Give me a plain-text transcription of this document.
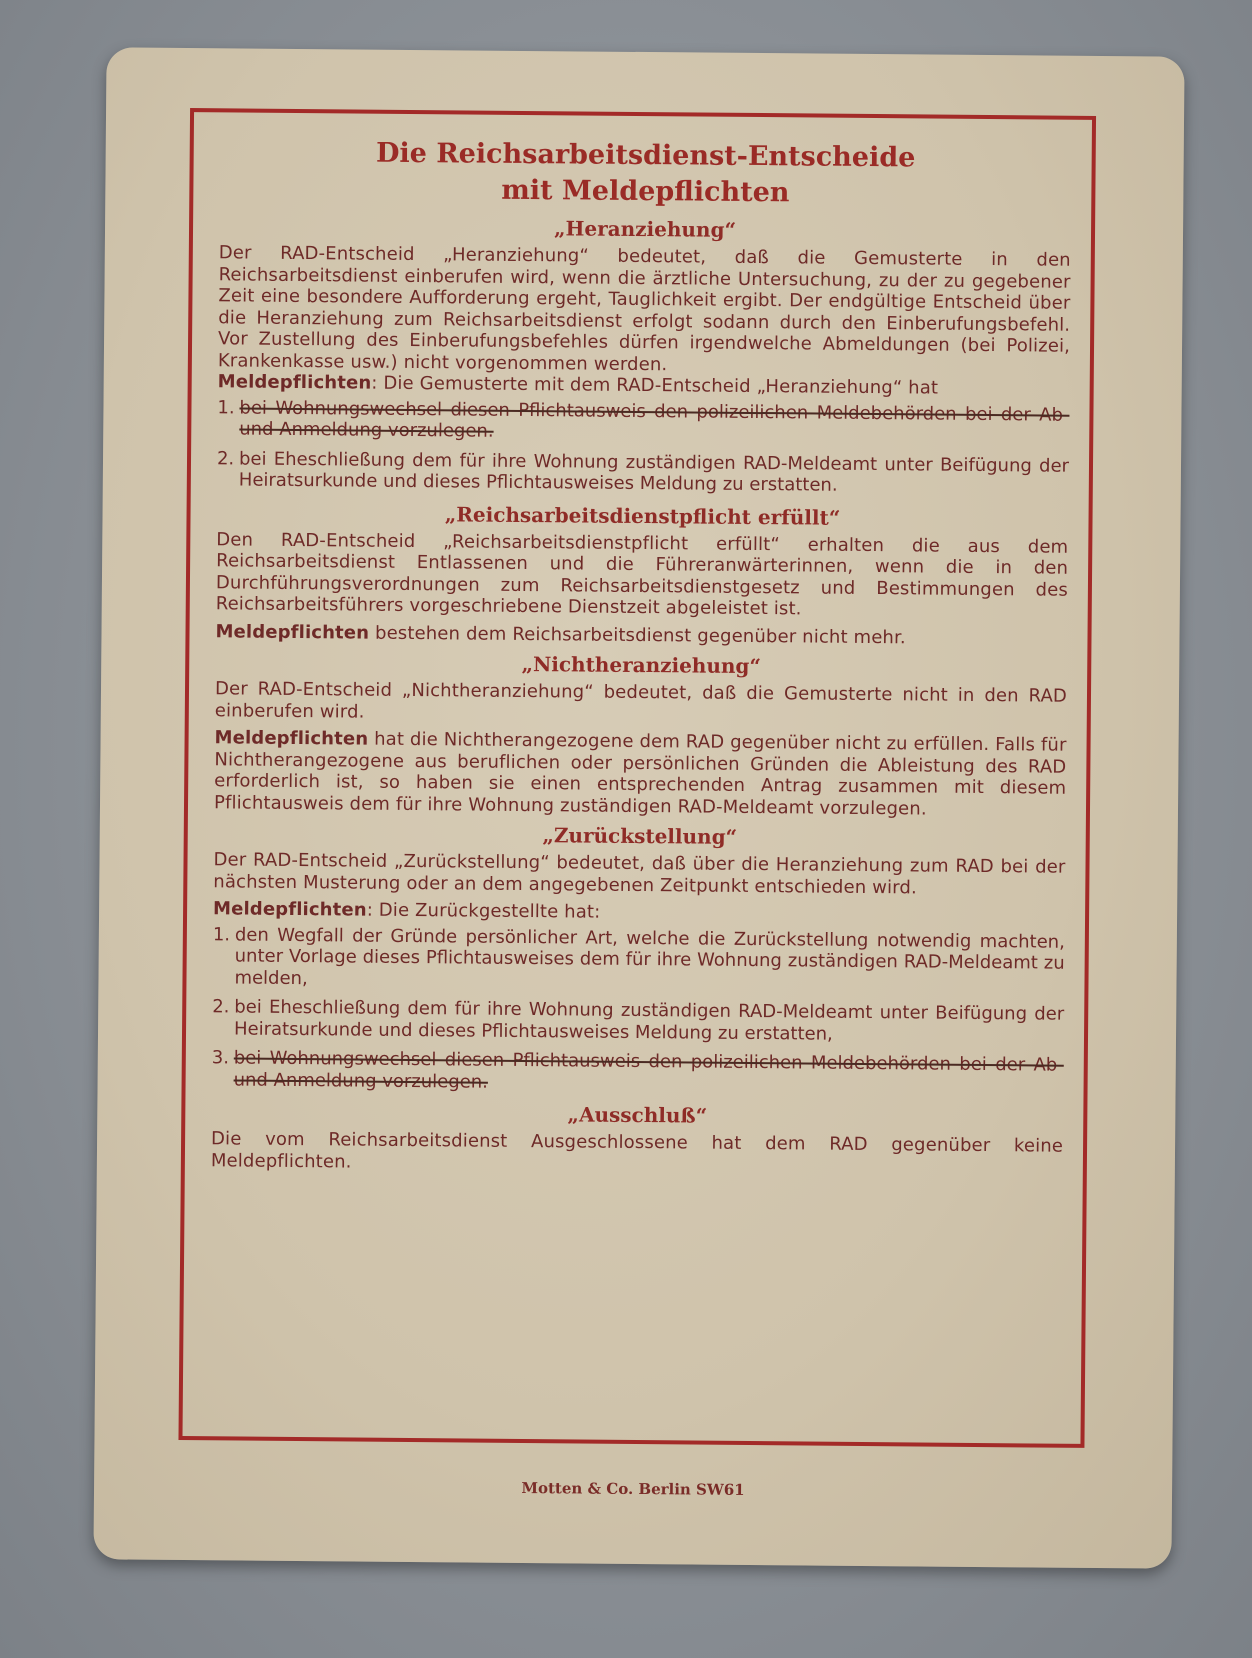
Die Reichsarbeitsdienst-Entscheide
mit Meldepflichten
„Heranziehung“

Der RAD-Entscheid „Heranziehung“ bedeutet, daß die Gemusterte in den Reichsarbeitsdienst einberufen wird, wenn die ärztliche Untersuchung, zu der zu gegebener Zeit eine besondere Aufforderung ergeht, Tauglichkeit ergibt. Der endgültige Entscheid über die Heranziehung zum Reichsarbeitsdienst erfolgt sodann durch den Einberufungsbefehl. Vor Zustellung des Einberufungsbefehles dürfen irgendwelche Abmeldungen (bei Polizei, Krankenkasse usw.) nicht vorgenommen werden.

Meldepflichten: Die Gemusterte mit dem RAD-Entscheid „Heranziehung“ hat

1. bei Wohnungswechsel diesen Pflichtausweis den polizeilichen Meldebehörden bei der Ab- und Anmeldung vorzulegen.
2. bei Eheschließung dem für ihre Wohnung zuständigen RAD-Meldeamt unter Beifügung der Heiratsurkunde und dieses Pflichtausweises Meldung zu erstatten.
„Reichsarbeitsdienstpflicht erfüllt“

Den RAD-Entscheid „Reichsarbeitsdienstpflicht erfüllt“ erhalten die aus dem Reichsarbeitsdienst Entlassenen und die Führeranwärterinnen, wenn die in den Durchführungsverordnungen zum Reichsarbeitsdienstgesetz und Bestimmungen des Reichsarbeitsführers vorgeschriebene Dienstzeit abgeleistet ist.

Meldepflichten bestehen dem Reichsarbeitsdienst gegenüber nicht mehr.

„Nichtheranziehung“

Der RAD-Entscheid „Nichtheranziehung“ bedeutet, daß die Gemusterte nicht in den RAD einberufen wird.

Meldepflichten hat die Nichtherangezogene dem RAD gegenüber nicht zu erfüllen. Falls für Nichtherangezogene aus beruflichen oder persönlichen Gründen die Ableistung des RAD erforderlich ist, so haben sie einen entsprechenden Antrag zusammen mit diesem Pflichtausweis dem für ihre Wohnung zuständigen RAD-Meldeamt vorzulegen.

„Zurückstellung“

Der RAD-Entscheid „Zurückstellung“ bedeutet, daß über die Heranziehung zum RAD bei der nächsten Musterung oder an dem angegebenen Zeitpunkt entschieden wird.

Meldepflichten: Die Zurückgestellte hat:

1. den Wegfall der Gründe persönlicher Art, welche die Zurückstellung notwendig machten, unter Vorlage dieses Pflichtausweises dem für ihre Wohnung zuständigen RAD-Meldeamt zu melden,
2. bei Eheschließung dem für ihre Wohnung zuständigen RAD-Meldeamt unter Beifügung der Heiratsurkunde und dieses Pflichtausweises Meldung zu erstatten,
3. bei Wohnungswechsel diesen Pflichtausweis den polizeilichen Meldebehörden bei der Ab- und Anmeldung vorzulegen.
„Ausschluß“

Die vom Reichsarbeitsdienst Ausgeschlossene hat dem RAD gegenüber keine Meldepflichten.

Motten & Co. Berlin SW61
